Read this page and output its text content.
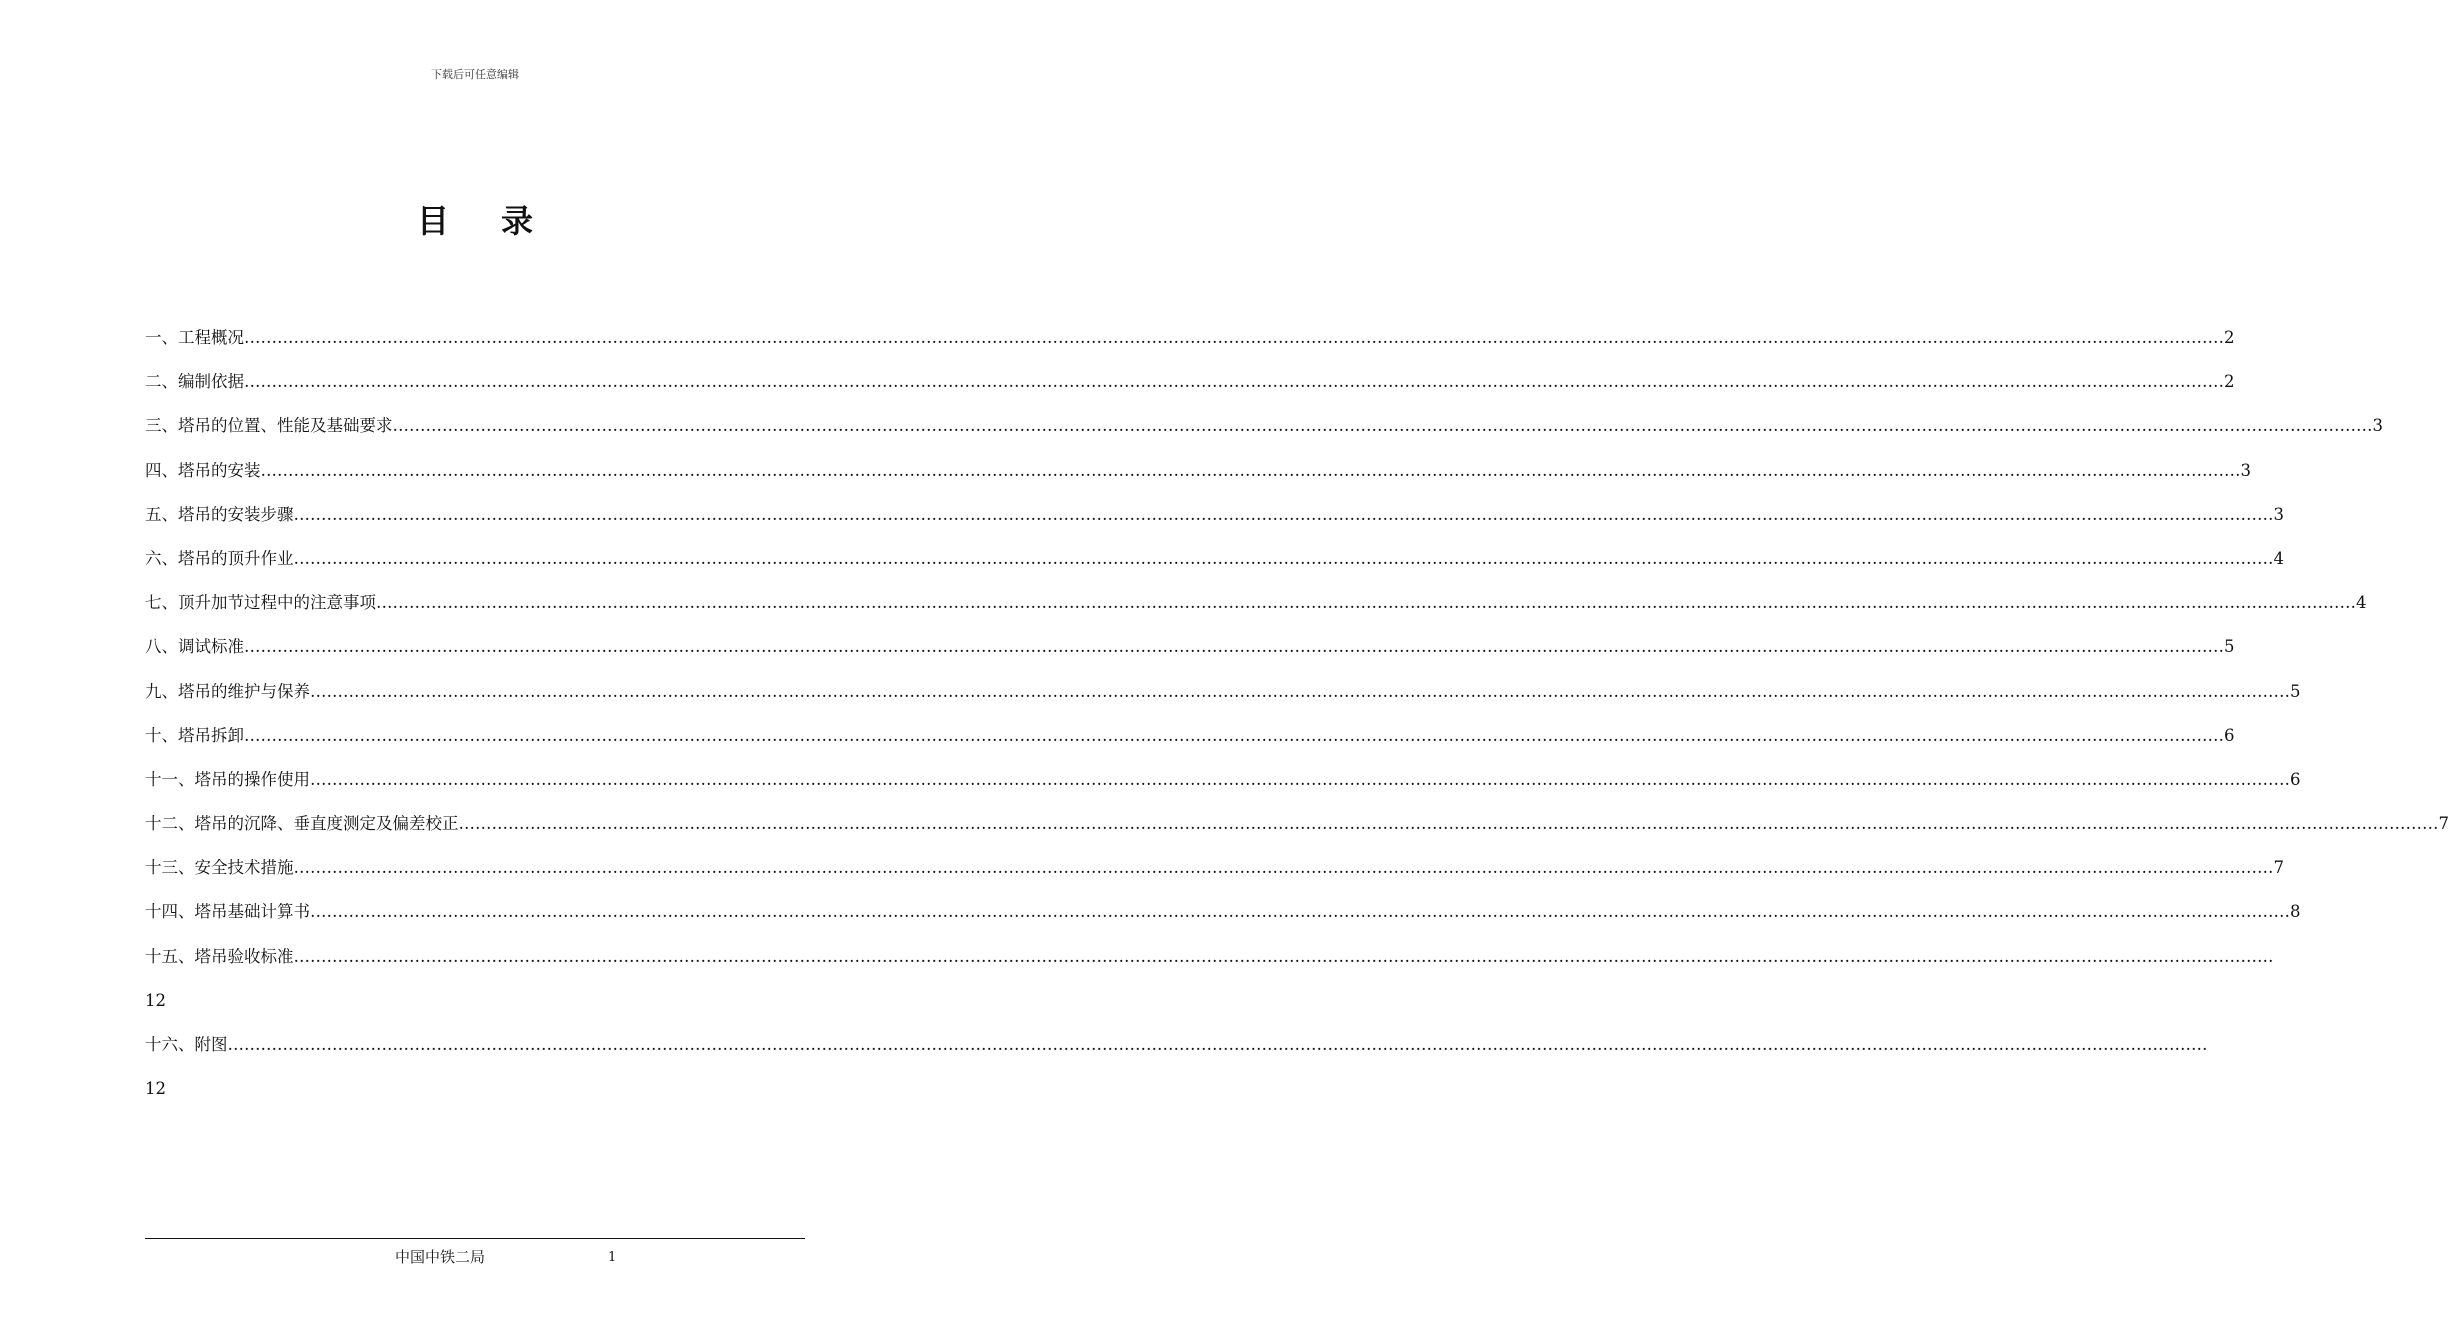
下载后可任意编辑
目录
一、工程概况 ……………………………………………………………………………………………………………………………………………………………………………………………………………………………………………………………………………………………………………………………… 2
二、编制依据 ……………………………………………………………………………………………………………………………………………………………………………………………………………………………………………………………………………………………………………………………… 2
三、塔吊的位置、性能及基础要求 ……………………………………………………………………………………………………………………………………………………………………………………………………………………………………………………………………………………………………………………………… 3
四、塔吊的安装 ……………………………………………………………………………………………………………………………………………………………………………………………………………………………………………………………………………………………………………………………… 3
五、塔吊的安装步骤 ……………………………………………………………………………………………………………………………………………………………………………………………………………………………………………………………………………………………………………………………… 3
六、塔吊的顶升作业 ……………………………………………………………………………………………………………………………………………………………………………………………………………………………………………………………………………………………………………………………… 4
七、顶升加节过程中的注意事项 ……………………………………………………………………………………………………………………………………………………………………………………………………………………………………………………………………………………………………………………………… 4
八、调试标准 ……………………………………………………………………………………………………………………………………………………………………………………………………………………………………………………………………………………………………………………………… 5
九、塔吊的维护与保养 ……………………………………………………………………………………………………………………………………………………………………………………………………………………………………………………………………………………………………………………………… 5
十、塔吊拆卸 ……………………………………………………………………………………………………………………………………………………………………………………………………………………………………………………………………………………………………………………………… 6
十一、塔吊的操作使用 ……………………………………………………………………………………………………………………………………………………………………………………………………………………………………………………………………………………………………………………………… 6
十二、塔吊的沉降、垂直度测定及偏差校正 ……………………………………………………………………………………………………………………………………………………………………………………………………………………………………………………………………………………………………………………………… 7
十三、安全技术措施 ……………………………………………………………………………………………………………………………………………………………………………………………………………………………………………………………………………………………………………………………… 7
十四、塔吊基础计算书 ……………………………………………………………………………………………………………………………………………………………………………………………………………………………………………………………………………………………………………………………… 8
十五、塔吊验收标准 ………………………………………………………………………………………………………………………………………………………………………………………………………………………………………………………………………………………………………………………………
12
十六、附图 ………………………………………………………………………………………………………………………………………………………………………………………………………………………………………………………………………………………………………………………………
12
中国中铁二局	1
